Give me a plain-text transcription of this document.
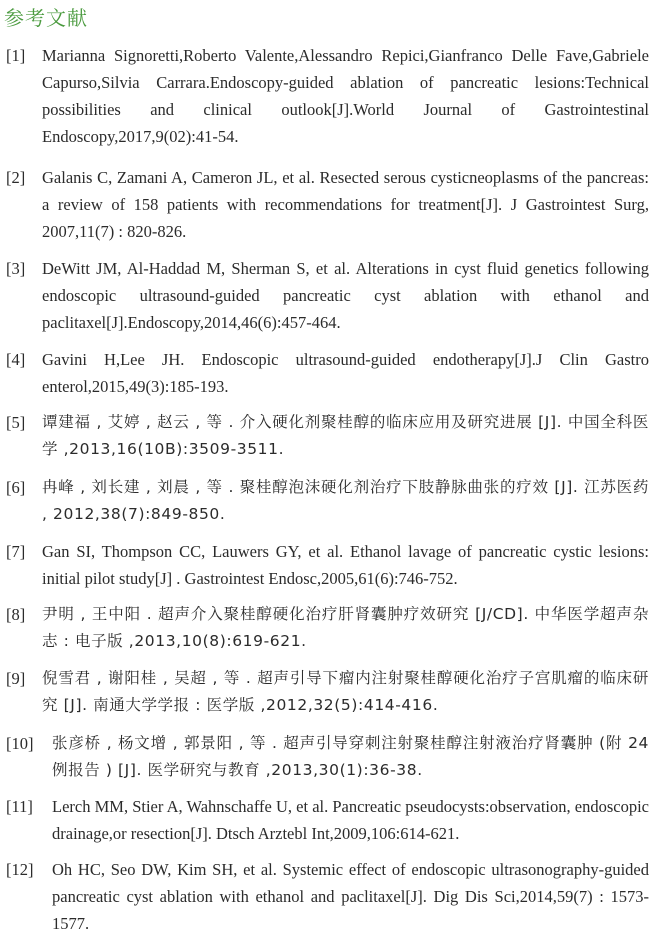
参考文献
[1] Marianna Signoretti,Roberto Valente,Alessandro Repici,Gianfranco Delle Fave,Gabriele Capurso,Silvia Carrara.Endoscopy-guided ablation of pancreatic lesions:Technical possibilities and clinical outlook[J].World Journal of Gastrointestinal Endoscopy,2017,9(02):41-54.
[2] Galanis C, Zamani A, Cameron JL, et al. Resected serous cysticneoplasms of the pancreas: a review of 158 patients with recommendations for treatment[J]. J Gastrointest Surg, 2007,11(7) : 820-826.
[3] DeWitt JM, Al-Haddad M, Sherman S, et al. Alterations in cyst fluid genetics following endoscopic ultrasound-guided pancreatic cyst ablation with ethanol and paclitaxel[J].Endoscopy,2014,46(6):457-464.
[4] Gavini H,Lee JH. Endoscopic ultrasound-guided endotherapy[J].J Clin Gastro enterol,2015,49(3):185-193.
[5] 谭建福 , 艾婷 , 赵云 , 等 . 介入硬化剂聚桂醇的临床应用及研究进展 [J]. 中国全科医学 ,2013,16(10B):3509-3511.
[6] 冉峰 , 刘长建 , 刘晨 , 等 . 聚桂醇泡沫硬化剂治疗下肢静脉曲张的疗效 [J]. 江苏医药 , 2012,38(7):849-850.
[7] Gan SI, Thompson CC, Lauwers GY, et al. Ethanol lavage of pancreatic cystic lesions: initial pilot study[J] . Gastrointest Endosc,2005,61(6):746-752.
[8] 尹明 , 王中阳 . 超声介入聚桂醇硬化治疗肝肾囊肿疗效研究 [J/CD]. 中华医学超声杂志 : 电子版 ,2013,10(8):619-621.
[9] 倪雪君 , 谢阳桂 , 吴超 , 等 . 超声引导下瘤内注射聚桂醇硬化治疗子宫肌瘤的临床研究 [J]. 南通大学学报 : 医学版 ,2012,32(5):414-416.
[10] 张彦桥 , 杨文增 , 郭景阳 , 等 . 超声引导穿刺注射聚桂醇注射液治疗肾囊肿 (附 24 例报告 ) [J]. 医学研究与教育 ,2013,30(1):36-38.
[11] Lerch MM, Stier A, Wahnschaffe U, et al. Pancreatic pseudocysts:observation, endoscopic drainage,or resection[J]. Dtsch Arztebl Int,2009,106:614-621.
[12] Oh HC, Seo DW, Kim SH, et al. Systemic effect of endoscopic ultrasonography-guided pancreatic cyst ablation with ethanol and paclitaxel[J]. Dig Dis Sci,2014,59(7) : 1573-1577.
